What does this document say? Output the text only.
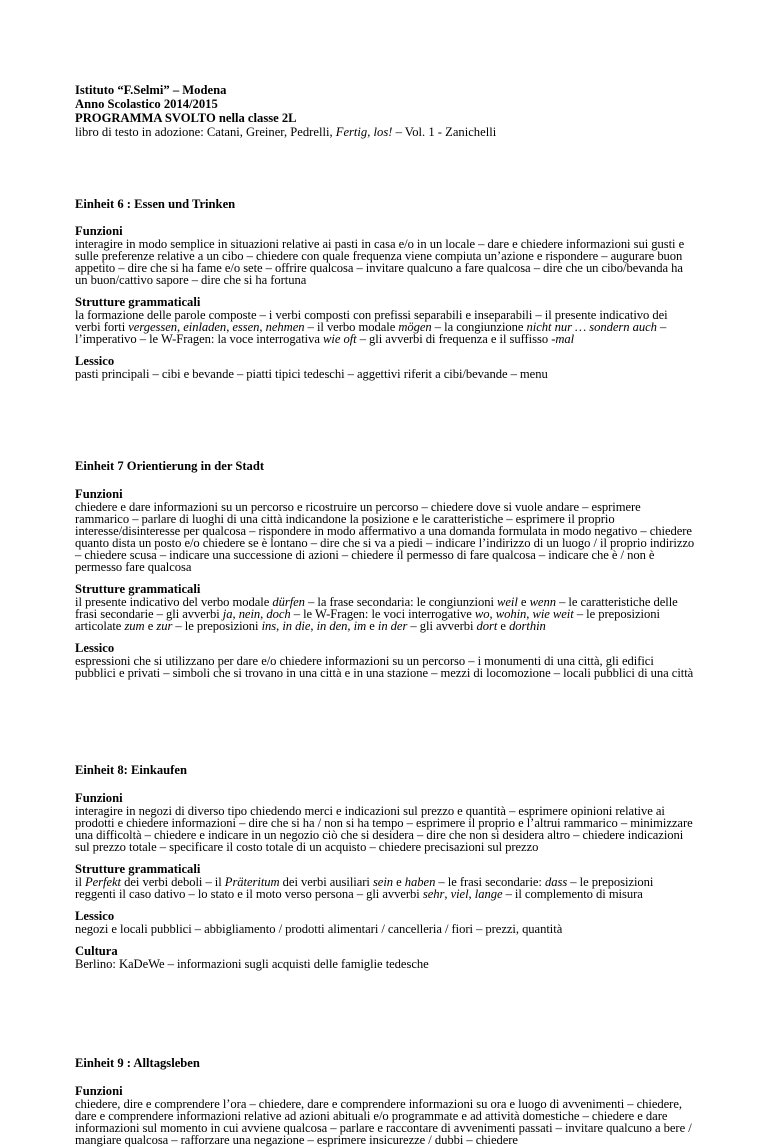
Istituto “F.Selmi” – Modena
Anno Scolastico 2014/2015
PROGRAMMA SVOLTO nella classe 2L
libro di testo in adozione: Catani, Greiner, Pedrelli, Fertig, los! – Vol. 1 - Zanichelli
Einheit 6 : Essen und Trinken
Funzioni
interagire in modo semplice in situazioni relative ai pasti in casa e/o in un locale – dare e chiedere informazioni sui gusti e sulle preferenze relative a un cibo – chiedere con quale frequenza viene compiuta un’azione e rispondere – augurare buon appetito – dire che si ha fame e/o sete – offrire qualcosa – invitare qualcuno a fare qualcosa – dire che un cibo/bevanda ha un buon/cattivo sapore – dire che si ha fortuna
Strutture grammaticali
la formazione delle parole composte – i verbi composti con prefissi separabili e inseparabili – il presente indicativo dei verbi forti vergessen, einladen, essen, nehmen – il verbo modale mögen – la congiunzione nicht nur … sondern auch – l’imperativo – le W-Fragen: la voce interrogativa wie oft – gli avverbi di frequenza e il suffisso -mal
Lessico
pasti principali – cibi e bevande – piatti tipici tedeschi – aggettivi riferit a cibi/bevande – menu
Einheit 7 Orientierung in der Stadt
Funzioni
chiedere e dare informazioni su un percorso e ricostruire un percorso – chiedere dove si vuole andare – esprimere rammarico – parlare di luoghi di una città indicandone la posizione e le caratteristiche – esprimere il proprio interesse/disinteresse per qualcosa – rispondere in modo affermativo a una domanda formulata in modo negativo – chiedere quanto dista un posto e/o chiedere se è lontano – dire che si va a piedi – indicare l’indirizzo di un luogo / il proprio indirizzo – chiedere scusa – indicare una successione di azioni – chiedere il permesso di fare qualcosa – indicare che è / non è permesso fare qualcosa
Strutture grammaticali
il presente indicativo del verbo modale dürfen – la frase secondaria: le congiunzioni weil e wenn – le caratteristiche delle frasi secondarie – gli avverbi ja, nein, doch – le W-Fragen: le voci interrogative wo, wohin, wie weit – le preposizioni articolate zum e zur – le preposizioni ins, in die, in den, im e in der – gli avverbi dort e dorthin
Lessico
espressioni che si utilizzano per dare e/o chiedere informazioni su un percorso – i monumenti di una città, gli edifici pubblici e privati – simboli che si trovano in una città e in una stazione – mezzi di locomozione – locali pubblici di una città
Einheit 8: Einkaufen
Funzioni
interagire in negozi di diverso tipo chiedendo merci e indicazioni sul prezzo e quantità – esprimere opinioni relative ai prodotti e chiedere informazioni – dire che si ha / non si ha tempo – esprimere il proprio e l’altrui rammarico – minimizzare una difficoltà – chiedere e indicare in un negozio ciò che si desidera – dire che non si desidera altro – chiedere indicazioni sul prezzo totale – specificare il costo totale di un acquisto – chiedere precisazioni sul prezzo
Strutture grammaticali
il Perfekt dei verbi deboli – il Präteritum dei verbi ausiliari sein e haben – le frasi secondarie: dass – le preposizioni reggenti il caso dativo – lo stato e il moto verso persona – gli avverbi sehr, viel, lange – il complemento di misura
Lessico
negozi e locali pubblici – abbigliamento / prodotti alimentari / cancelleria / fiori – prezzi, quantità
Cultura
Berlino: KaDeWe – informazioni sugli acquisti delle famiglie tedesche
Einheit 9 : Alltagsleben
Funzioni
chiedere, dire e comprendere l’ora – chiedere, dare e comprendere informazioni su ora e luogo di avvenimenti – chiedere, dare e comprendere informazioni relative ad azioni abituali e/o programmate e ad attività domestiche – chiedere e dare informazioni sul momento in cui avviene qualcosa – parlare e raccontare di avvenimenti passati – invitare qualcuno a bere / mangiare qualcosa – rafforzare una negazione – esprimere insicurezze / dubbi – chiedere
